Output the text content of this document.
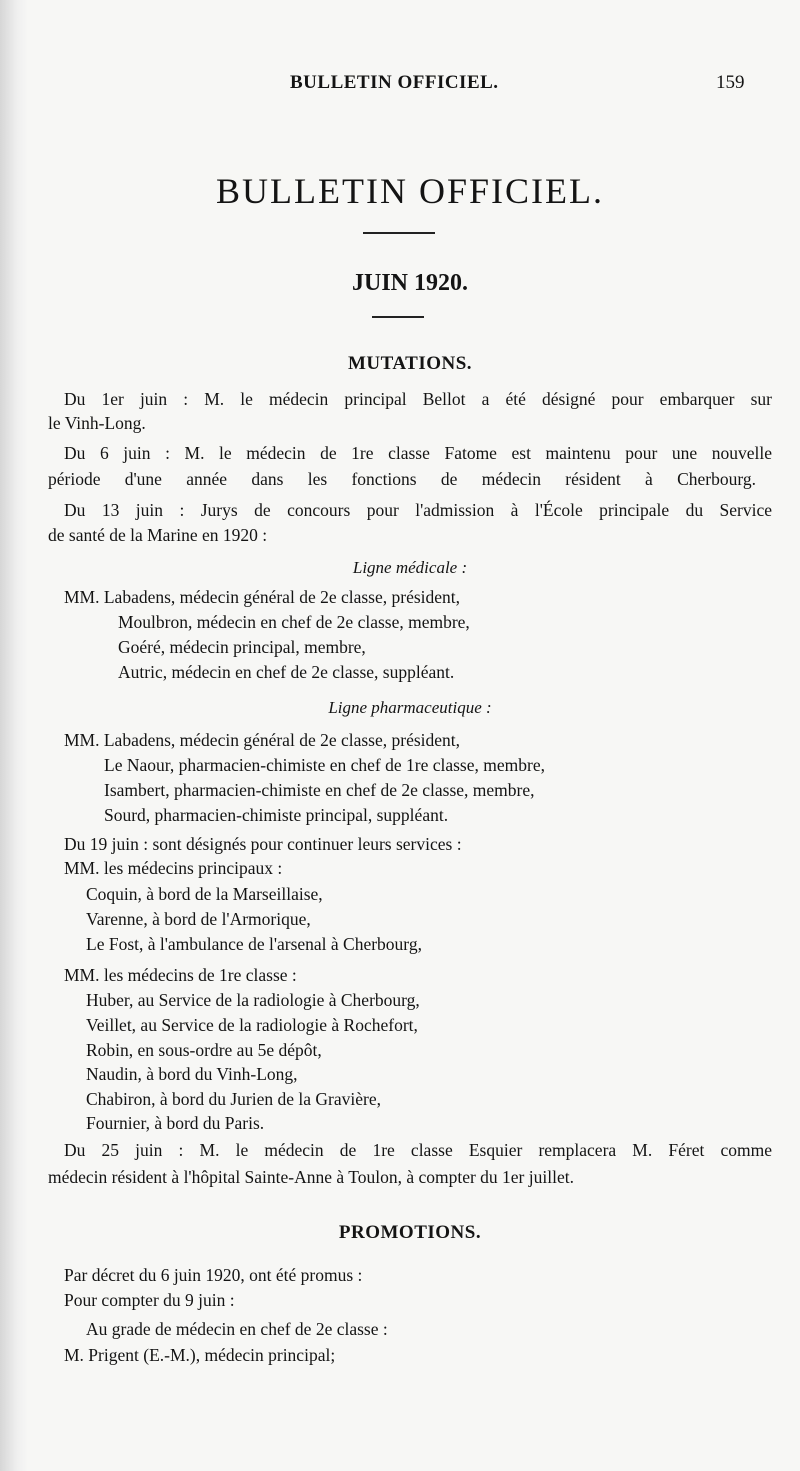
BULLETIN OFFICIEL.	159
BULLETIN OFFICIEL.
JUIN 1920.
MUTATIONS.
Du 1er juin : M. le médecin principal Bellot a été désigné pour embarquer sur
le Vinh-Long.
Du 6 juin : M. le médecin de 1re classe Fatome est maintenu pour une nouvelle
période d'une année dans les fonctions de médecin résident à Cherbourg.
Du 13 juin : Jurys de concours pour l'admission à l'École principale du Service
de santé de la Marine en 1920 :
Ligne médicale :
MM. Labadens, médecin général de 2e classe, président,
Moulbron, médecin en chef de 2e classe, membre,
Goéré, médecin principal, membre,
Autric, médecin en chef de 2e classe, suppléant.
Ligne pharmaceutique :
MM. Labadens, médecin général de 2e classe, président,
Le Naour, pharmacien-chimiste en chef de 1re classe, membre,
Isambert, pharmacien-chimiste en chef de 2e classe, membre,
Sourd, pharmacien-chimiste principal, suppléant.
Du 19 juin : sont désignés pour continuer leurs services :
MM. les médecins principaux :
Coquin, à bord de la Marseillaise,
Varenne, à bord de l'Armorique,
Le Fost, à l'ambulance de l'arsenal à Cherbourg,
MM. les médecins de 1re classe :
Huber, au Service de la radiologie à Cherbourg,
Veillet, au Service de la radiologie à Rochefort,
Robin, en sous-ordre au 5e dépôt,
Naudin, à bord du Vinh-Long,
Chabiron, à bord du Jurien de la Gravière,
Fournier, à bord du Paris.
Du 25 juin : M. le médecin de 1re classe Esquier remplacera M. Féret comme
médecin résident à l'hôpital Sainte-Anne à Toulon, à compter du 1er juillet.
PROMOTIONS.
Par décret du 6 juin 1920, ont été promus :
Pour compter du 9 juin :
Au grade de médecin en chef de 2e classe :
M. Prigent (E.-M.), médecin principal;
